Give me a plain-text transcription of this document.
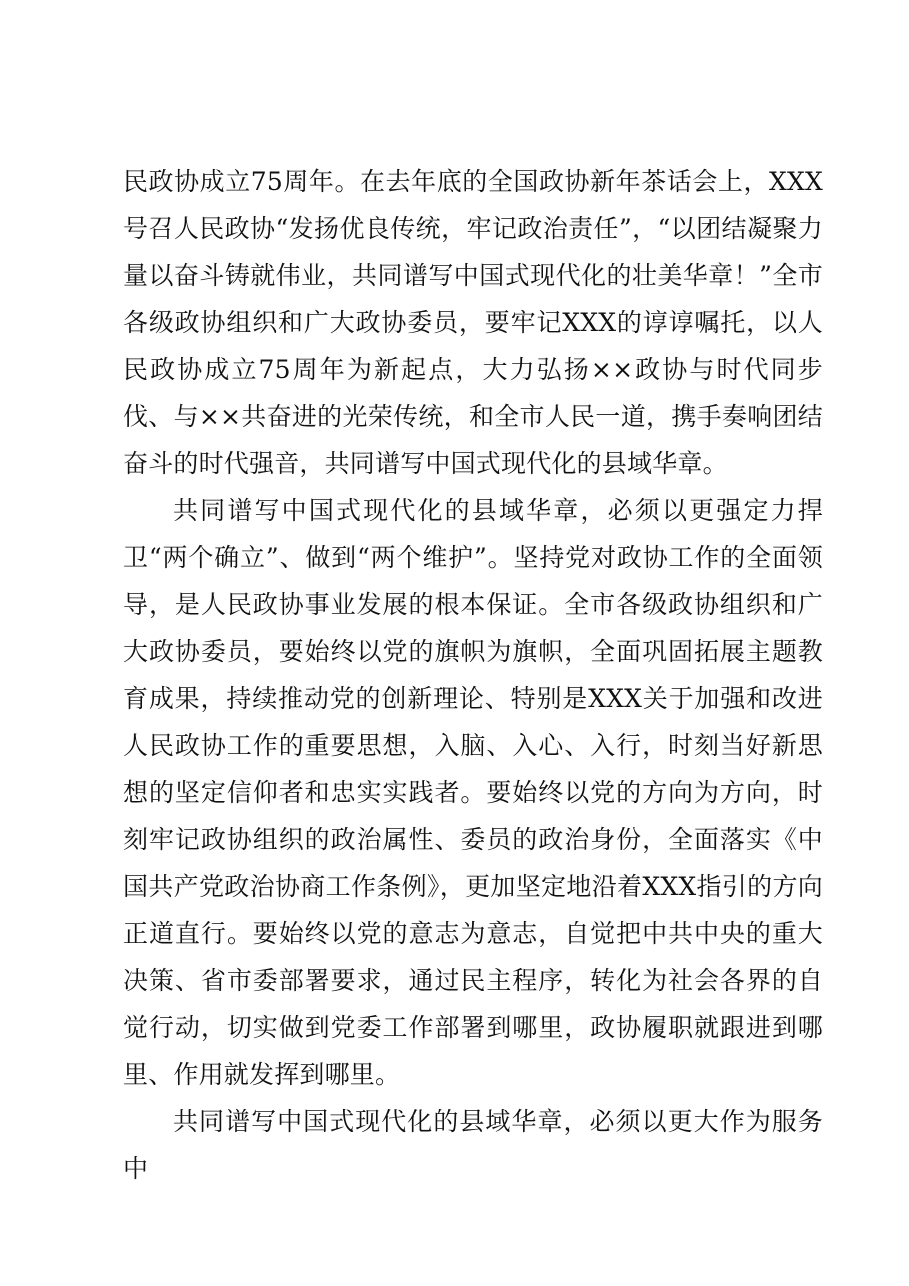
民政协成立75周年。在去年底的全国政协新年茶话会上，XXX号召人民政协“发扬优良传统，牢记政治责任”，“以团结凝聚力量以奋斗铸就伟业，共同谱写中国式现代化的壮美华章！”全市各级政协组织和广大政协委员，要牢记XXX的谆谆嘱托，以人民政协成立75周年为新起点，大力弘扬××政协与时代同步伐、与××共奋进的光荣传统，和全市人民一道，携手奏响团结奋斗的时代强音，共同谱写中国式现代化的县域华章。

共同谱写中国式现代化的县域华章，必须以更强定力捍卫“两个确立”、做到“两个维护”。坚持党对政协工作的全面领导，是人民政协事业发展的根本保证。全市各级政协组织和广大政协委员，要始终以党的旗帜为旗帜，全面巩固拓展主题教育成果，持续推动党的创新理论、特别是XXX关于加强和改进人民政协工作的重要思想，入脑、入心、入行，时刻当好新思想的坚定信仰者和忠实实践者。要始终以党的方向为方向，时刻牢记政协组织的政治属性、委员的政治身份，全面落实《中国共产党政治协商工作条例》，更加坚定地沿着XXX指引的方向正道直行。要始终以党的意志为意志，自觉把中共中央的重大决策、省市委部署要求，通过民主程序，转化为社会各界的自觉行动，切实做到党委工作部署到哪里，政协履职就跟进到哪里、作用就发挥到哪里。

共同谱写中国式现代化的县域华章，必须以更大作为服务中
